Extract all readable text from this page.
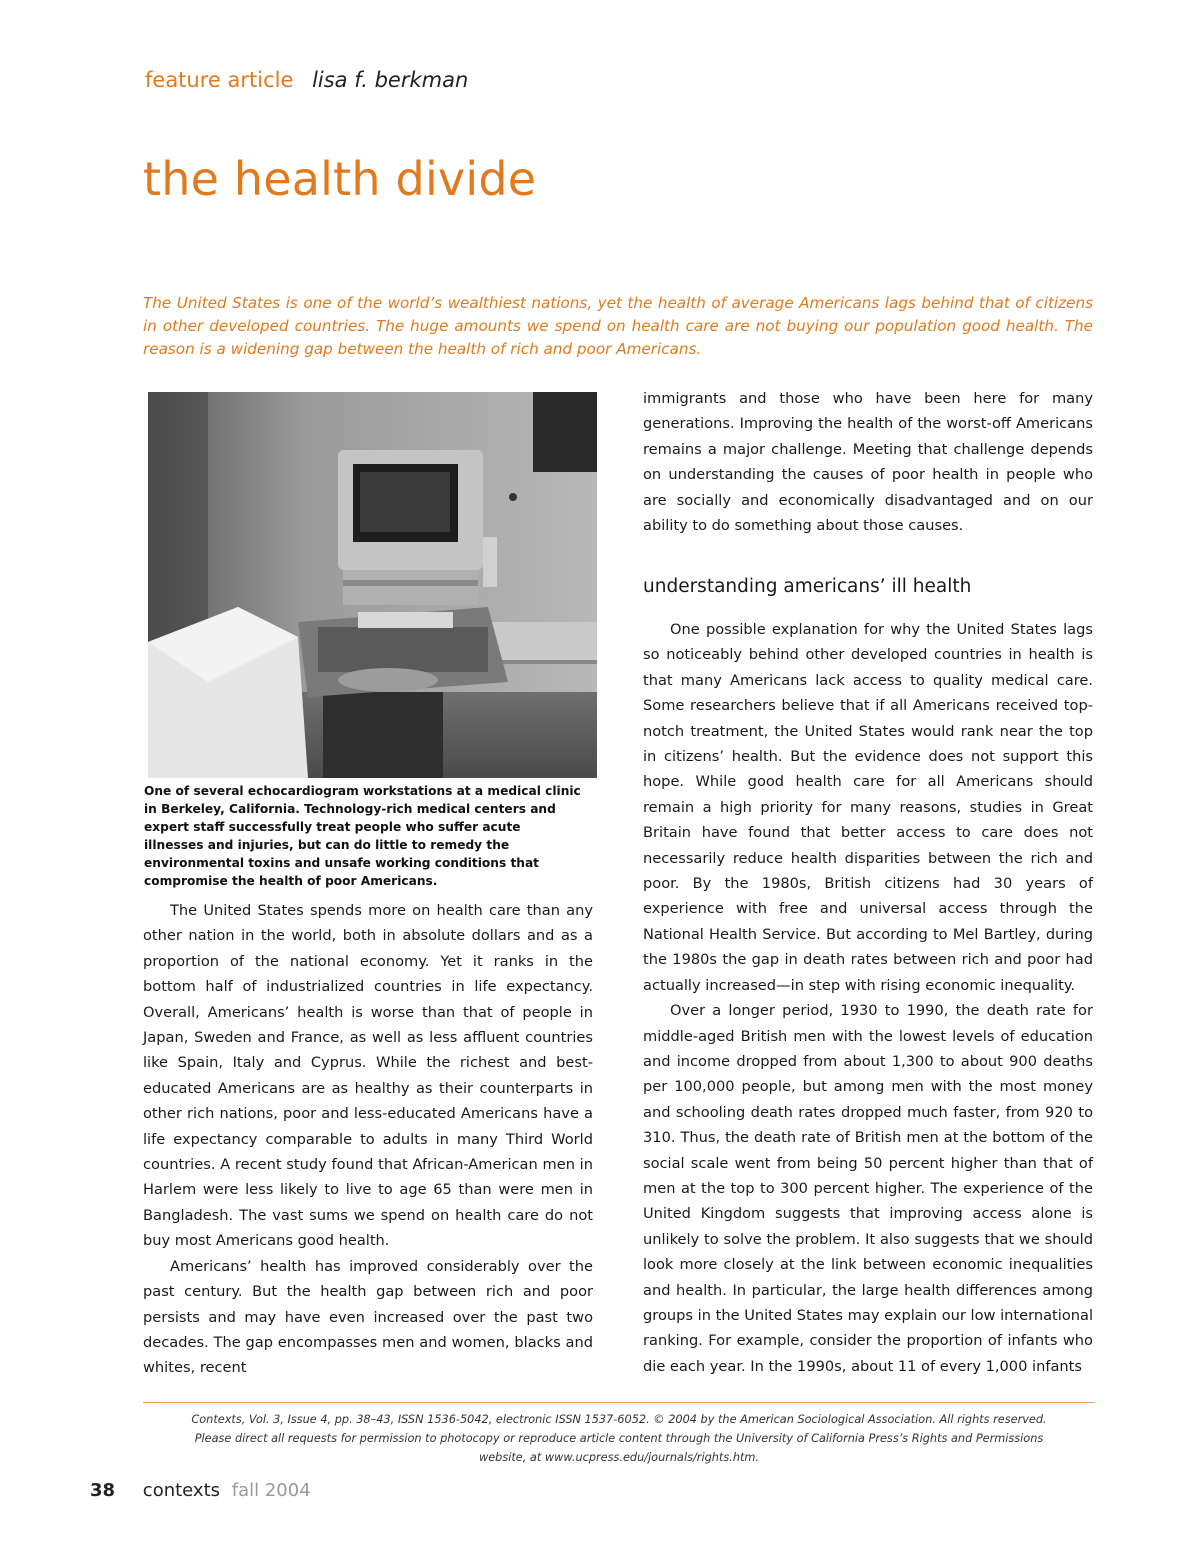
feature article lisa f. berkman
the health divide
The United States is one of the world’s wealthiest nations, yet the health of average Americans lags behind that of citizens in other developed countries. The huge amounts we spend on health care are not buying our population good health. The reason is a widening gap between the health of rich and poor Americans.
One of several echocardiogram workstations at a medical clinic in Berkeley, California. Technology-rich medical centers and expert staff successfully treat people who suffer acute illnesses and injuries, but can do little to remedy the environmental toxins and unsafe working conditions that compromise the health of poor Americans.

The United States spends more on health care than any other nation in the world, both in absolute dollars and as a proportion of the national economy. Yet it ranks in the bottom half of industrialized countries in life expectancy. Overall, Americans’ health is worse than that of people in Japan, Sweden and France, as well as less affluent countries like Spain, Italy and Cyprus. While the richest and best-educated Americans are as healthy as their counterparts in other rich nations, poor and less-educated Americans have a life expectancy comparable to adults in many Third World countries. A recent study found that African-American men in Harlem were less likely to live to age 65 than were men in Bangladesh. The vast sums we spend on health care do not buy most Americans good health.

Americans’ health has improved considerably over the past century. But the health gap between rich and poor persists and may have even increased over the past two decades. The gap encompasses men and women, blacks and whites, recent

immigrants and those who have been here for many generations. Improving the health of the worst-off Americans remains a major challenge. Meeting that challenge depends on understanding the causes of poor health in people who are socially and economically disadvantaged and on our ability to do something about those causes.

understanding americans’ ill health

One possible explanation for why the United States lags so noticeably behind other developed countries in health is that many Americans lack access to quality medical care. Some researchers believe that if all Americans received top-notch treatment, the United States would rank near the top in citizens’ health. But the evidence does not support this hope. While good health care for all Americans should remain a high priority for many reasons, studies in Great Britain have found that better access to care does not necessarily reduce health disparities between the rich and poor. By the 1980s, British citizens had 30 years of experience with free and universal access through the National Health Service. But according to Mel Bartley, during the 1980s the gap in death rates between rich and poor had actually increased—in step with rising economic inequality.

Over a longer period, 1930 to 1990, the death rate for middle-aged British men with the lowest levels of education and income dropped from about 1,300 to about 900 deaths per 100,000 people, but among men with the most money and schooling death rates dropped much faster, from 920 to 310. Thus, the death rate of British men at the bottom of the social scale went from being 50 percent higher than that of men at the top to 300 percent higher. The experience of the United Kingdom suggests that improving access alone is unlikely to solve the problem. It also suggests that we should look more closely at the link between economic inequalities and health. In particular, the large health differences among groups in the United States may explain our low international ranking. For example, consider the proportion of infants who die each year. In the 1990s, about 11 of every 1,000 infants

Contexts, Vol. 3, Issue 4, pp. 38–43, ISSN 1536-5042, electronic ISSN 1537-6052. © 2004 by the American Sociological Association. All rights reserved.
Please direct all requests for permission to photocopy or reproduce article content through the University of California Press’s Rights and Permissions
website, at www.ucpress.edu/journals/rights.htm.
38 contexts fall 2004
